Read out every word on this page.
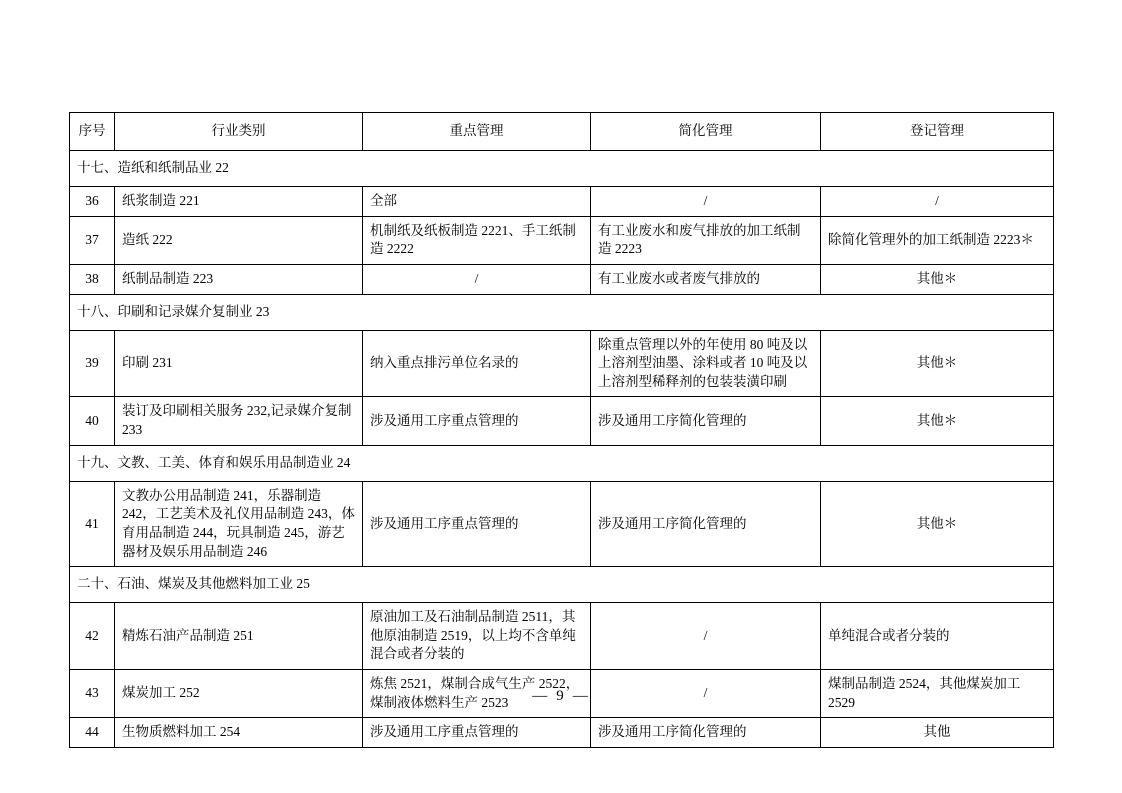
序号	行业类别	重点管理	简化管理	登记管理
十七、造纸和纸制品业 22				
36	纸浆制造 221	全部	/	/
37	造纸 222	机制纸及纸板制造 2221、手工纸制造 2222	有工业废水和废气排放的加工纸制造 2223	除简化管理外的加工纸制造 2223＊
38	纸制品制造 223	/	有工业废水或者废气排放的	其他＊
十八、印刷和记录媒介复制业 23				
39	印刷 231	纳入重点排污单位名录的	除重点管理以外的年使用 80 吨及以上溶剂型油墨、涂料或者 10 吨及以上溶剂型稀释剂的包装装潢印刷	其他＊
40	装订及印刷相关服务 232,记录媒介复制 233	涉及通用工序重点管理的	涉及通用工序简化管理的	其他＊
十九、文教、工美、体育和娱乐用品制造业 24				
41	文教办公用品制造 241，乐器制造 242，工艺美术及礼仪用品制造 243，体育用品制造 244，玩具制造 245，游艺器材及娱乐用品制造 246	涉及通用工序重点管理的	涉及通用工序简化管理的	其他＊
二十、石油、煤炭及其他燃料加工业 25				
42	精炼石油产品制造 251	原油加工及石油制品制造 2511，其他原油制造 2519，以上均不含单纯混合或者分装的	/	单纯混合或者分装的
43	煤炭加工 252	炼焦 2521，煤制合成气生产 2522，煤制液体燃料生产 2523	/	煤制品制造 2524，其他煤炭加工 2529
44	生物质燃料加工 254	涉及通用工序重点管理的	涉及通用工序简化管理的	其他
— 9 —
